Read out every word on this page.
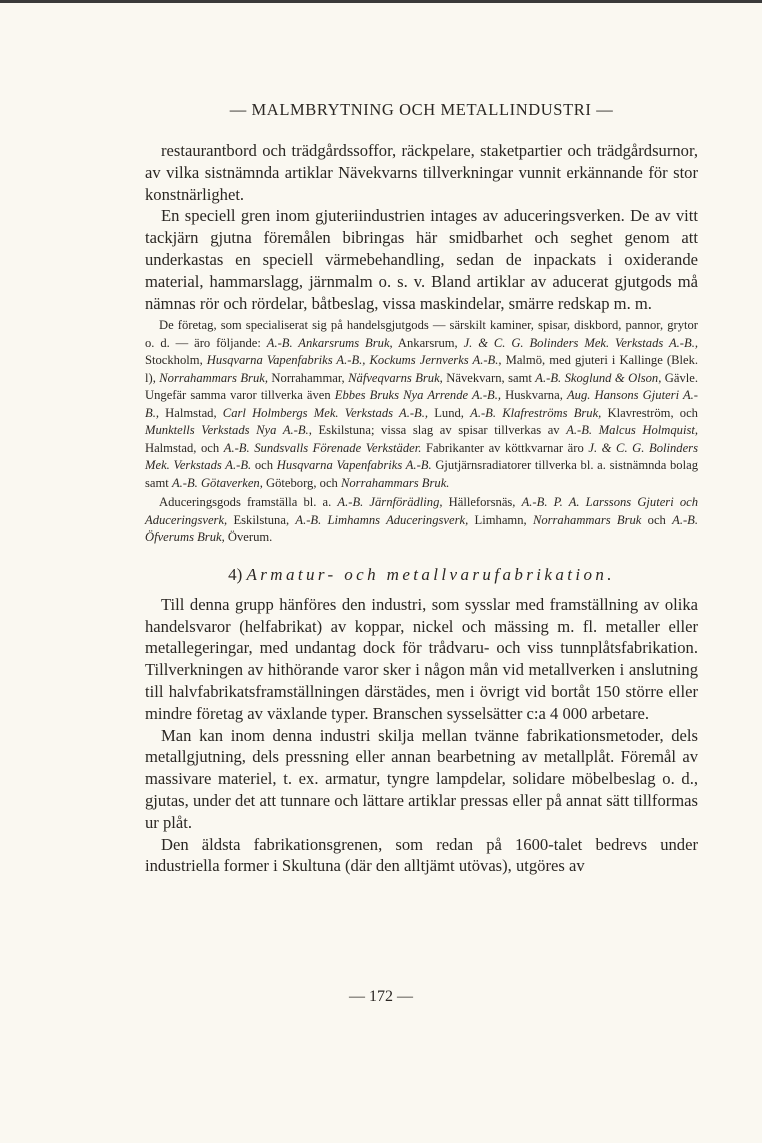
— MALMBRYTNING OCH METALLINDUSTRI —

restaurantbord och trädgårdssoffor, räckpelare, staketpartier och trädgårdsurnor, av vilka sistnämnda artiklar Nävekvarns tillverkningar vunnit erkännande för stor konstnärlighet.

En speciell gren inom gjuteriindustrien intages av aduceringsverken. De av vitt tackjärn gjutna föremålen bibringas här smidbarhet och seghet genom att underkastas en speciell värmebehandling, sedan de inpackats i oxiderande material, hammarslagg, järnmalm o. s. v. Bland artiklar av aducerat gjutgods må nämnas rör och rördelar, båtbeslag, vissa maskindelar, smärre redskap m. m.

De företag, som specialiserat sig på handelsgjutgods — särskilt kaminer, spisar, diskbord, pannor, grytor o. d. — äro följande: A.-B. Ankarsrums Bruk, Ankarsrum, J. & C. G. Bolinders Mek. Verkstads A.-B., Stockholm, Husqvarna Vapenfabriks A.-B., Kockums Jernverks A.-B., Malmö, med gjuteri i Kallinge (Blek. l), Norrahammars Bruk, Norrahammar, Näfveqvarns Bruk, Nävekvarn, samt A.-B. Skoglund & Olson, Gävle. Ungefär samma varor tillverka även Ebbes Bruks Nya Arrende A.-B., Huskvarna, Aug. Hansons Gjuteri A.-B., Halmstad, Carl Holmbergs Mek. Verkstads A.-B., Lund, A.-B. Klafreströms Bruk, Klavreström, och Munktells Verkstads Nya A.-B., Eskilstuna; vissa slag av spisar tillverkas av A.-B. Malcus Holmquist, Halmstad, och A.-B. Sundsvalls Förenade Verkstäder. Fabrikanter av köttkvarnar äro J. & C. G. Bolinders Mek. Verkstads A.-B. och Husqvarna Vapenfabriks A.-B. Gjutjärnsradiatorer tillverka bl. a. sistnämnda bolag samt A.-B. Götaverken, Göteborg, och Norrahammars Bruk.

Aduceringsgods framställa bl. a. A.-B. Järnförädling, Hälleforsnäs, A.-B. P. A. Larssons Gjuteri och Aduceringsverk, Eskilstuna, A.-B. Limhamns Aduceringsverk, Limhamn, Norrahammars Bruk och A.-B. Öfverums Bruk, Överum.

4) Armatur- och metallvarufabrikation.

Till denna grupp hänföres den industri, som sysslar med framställning av olika handelsvaror (helfabrikat) av koppar, nickel och mässing m. fl. metaller eller metallegeringar, med undantag dock för trådvaru- och viss tunnplåtsfabrikation. Tillverkningen av hithörande varor sker i någon mån vid metallverken i anslutning till halvfabrikatsframställningen därstädes, men i övrigt vid bortåt 150 större eller mindre företag av växlande typer. Branschen sysselsätter c:a 4 000 arbetare.

Man kan inom denna industri skilja mellan tvänne fabrikationsmetoder, dels metallgjutning, dels pressning eller annan bearbetning av metallplåt. Föremål av massivare materiel, t. ex. armatur, tyngre lampdelar, solidare möbelbeslag o. d., gjutas, under det att tunnare och lättare artiklar pressas eller på annat sätt tillformas ur plåt.

Den äldsta fabrikationsgrenen, som redan på 1600-talet bedrevs under industriella former i Skultuna (där den alltjämt utövas), utgöres av

— 172 —
